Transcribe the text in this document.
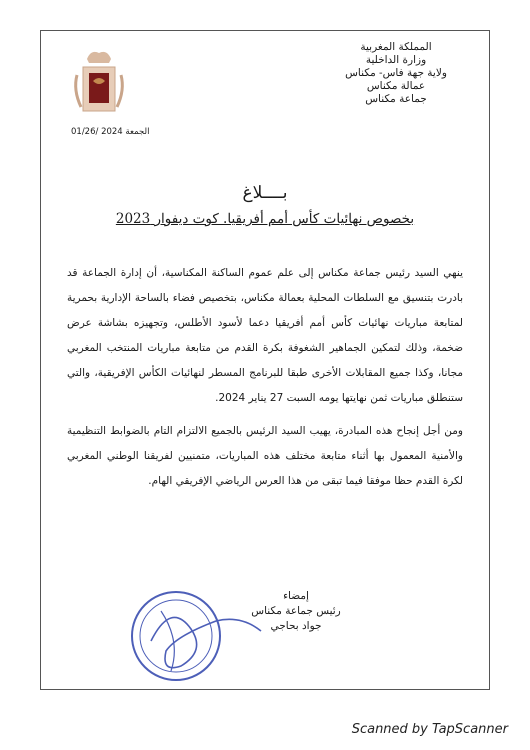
المملكة المغربية
وزارة الداخلية
ولاية جهة فاس- مكناس
عمالة مكناس
جماعة مكناس
الجمعة 2024 /01/26
بــــلاغ
بخصوص نهائيات كأس أمم أفريقيا. كوت ديفوار 2023

ينهي السيد رئيس جماعة مكناس إلى علم عموم الساكنة المكناسية، أن إدارة الجماعة قد بادرت بتنسيق مع السلطات المحلية بعمالة مكناس، بتخصيص فضاء بالساحة الإدارية بحمرية لمتابعة مباريات نهائيات كأس أمم أفريقيا دعما لأسود الأطلس، وتجهيزه بشاشة عرض ضخمة، وذلك لتمكين الجماهير الشغوفة بكرة القدم من متابعة مباريات المنتخب المغربي مجانا، وكذا جميع المقابلات الأخرى طبقا للبرنامج المسطر لنهائيات الكأس الإفريقية، والتي ستنطلق مباريات ثمن نهايتها يومه السبت 27 يناير 2024.

ومن أجل إنجاح هذه المبادرة، يهيب السيد الرئيس بالجميع الالتزام التام بالضوابط التنظيمية والأمنية المعمول بها أثناء متابعة مختلف هذه المباريات، متمنيين لفريقنا الوطني المغربي لكرة القدم حظا موفقا فيما تبقى من هذا العرس الرياضي الإفريقي الهام.

إمضاء
رئيس جماعة مكناس
جواد بحاجي
Scanned by TapScanner
